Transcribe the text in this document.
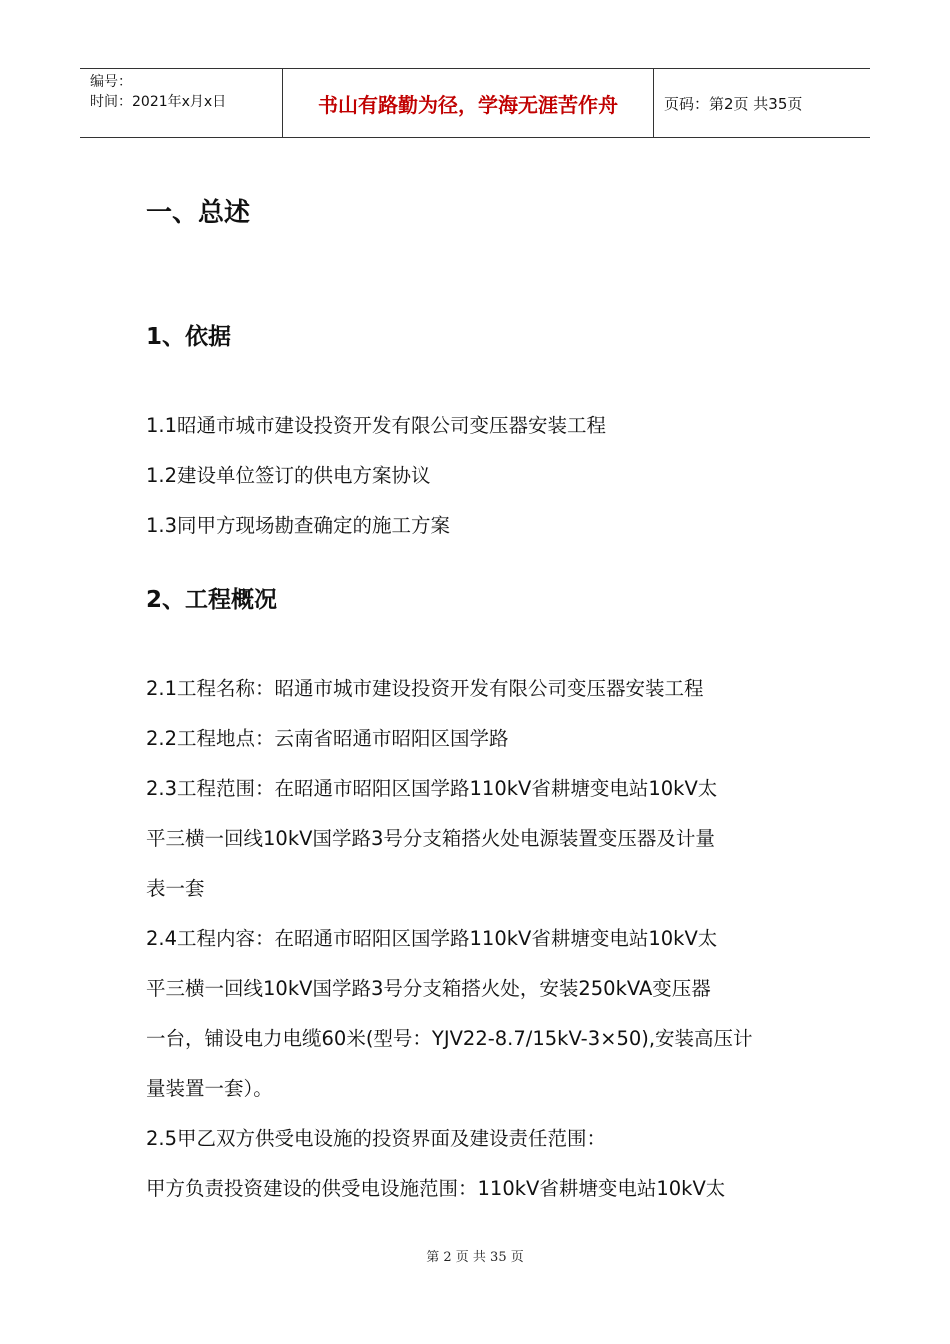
编号：
时间：2021年x月x日	书山有路勤为径，学海无涯苦作舟	页码：第2页 共35页
一、总述
1、依据
1.1昭通市城市建设投资开发有限公司变压器安装工程
1.2建设单位签订的供电方案协议
1.3同甲方现场勘查确定的施工方案
2、工程概况
2.1工程名称：昭通市城市建设投资开发有限公司变压器安装工程
2.2工程地点：云南省昭通市昭阳区国学路
2.3工程范围：在昭通市昭阳区国学路110kV省耕塘变电站10kV太
平三横一回线10kV国学路3号分支箱搭火处电源装置变压器及计量
表一套
2.4工程内容：在昭通市昭阳区国学路110kV省耕塘变电站10kV太
平三横一回线10kV国学路3号分支箱搭火处，安装250kVA变压器
一台，铺设电力电缆60米(型号：YJV22-8.7/15kV-3×50),安装高压计
量装置一套）。
2.5甲乙双方供受电设施的投资界面及建设责任范围：
甲方负责投资建设的供受电设施范围：110kV省耕塘变电站10kV太
第 2 页 共 35 页
